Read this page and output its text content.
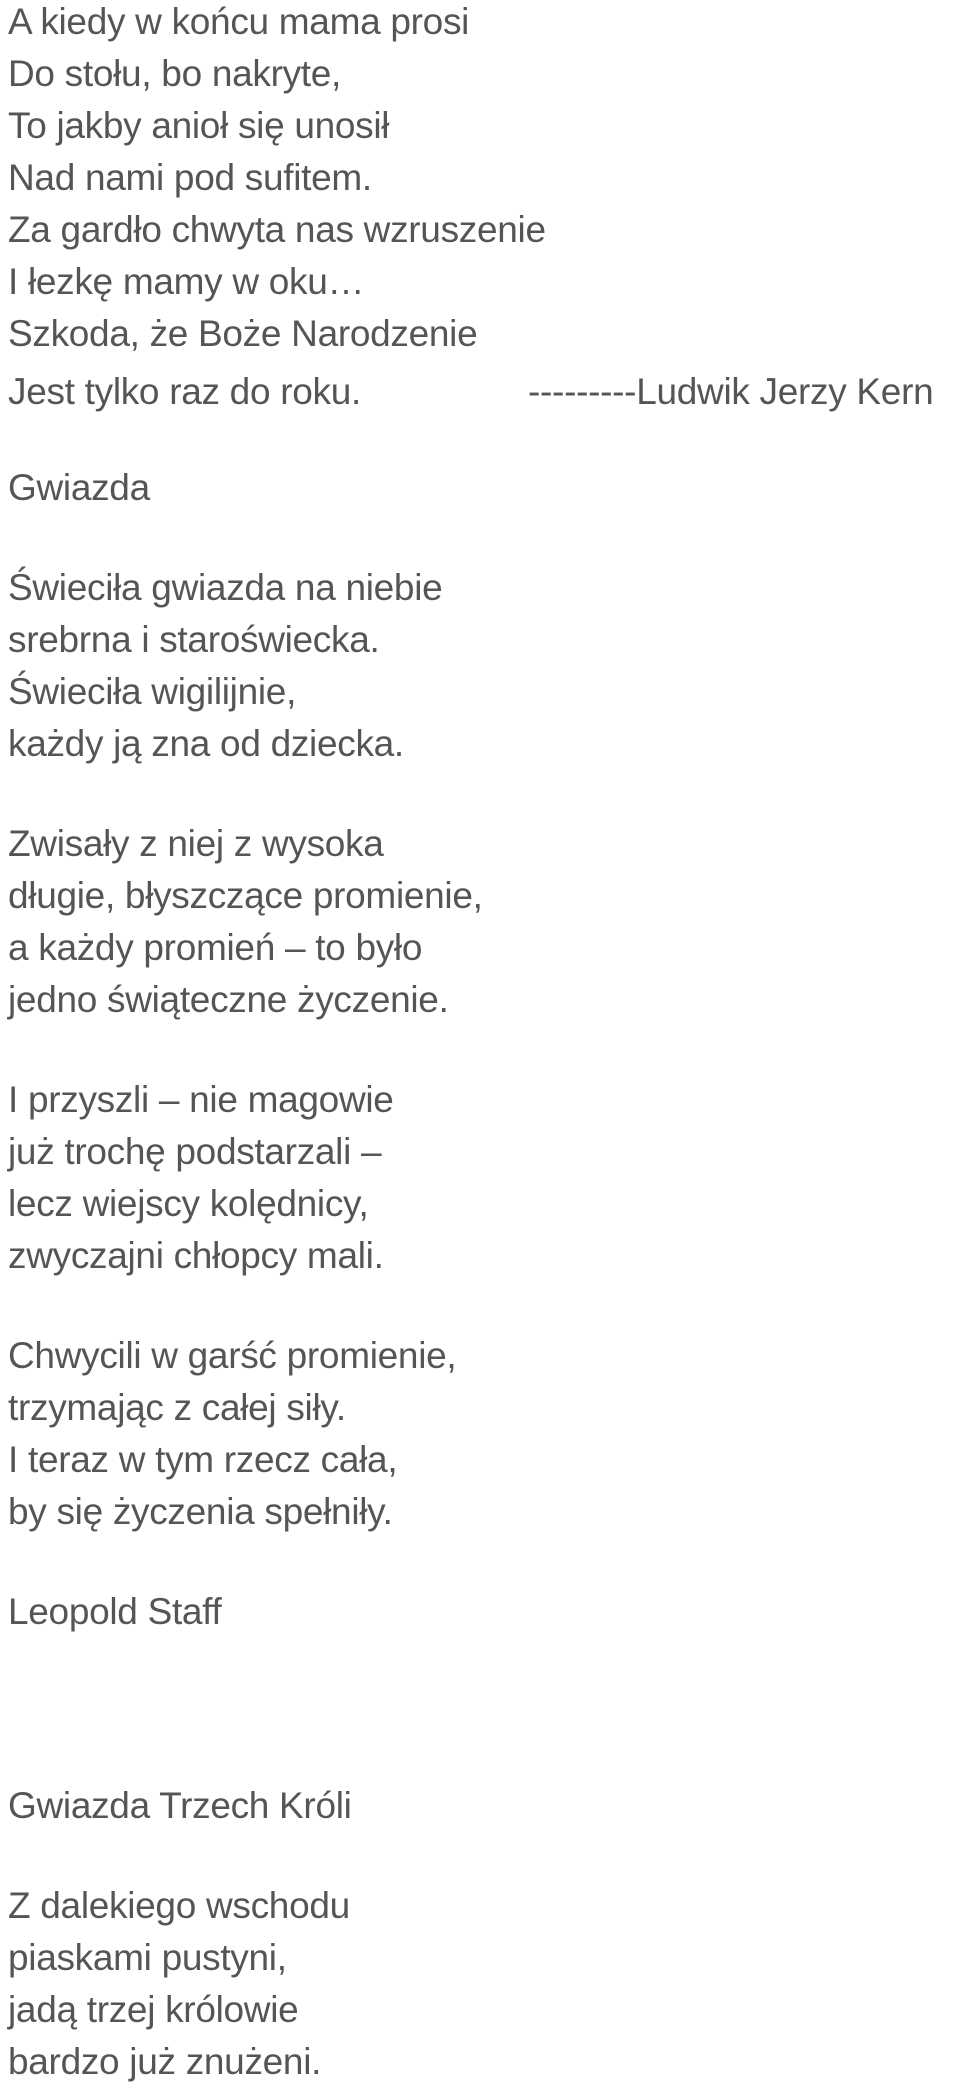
A kiedy w końcu mama prosi
Do stołu, bo nakryte,
To jakby anioł się unosił
Nad nami pod sufitem.
Za gardło chwyta nas wzruszenie
I łezkę mamy w oku…
Szkoda, że Boże Narodzenie
Jest tylko raz do roku.	---------Ludwik Jerzy Kern
Gwiazda
Świeciła gwiazda na niebie
srebrna i staroświecka.
Świeciła wigilijnie,
każdy ją zna od dziecka.
Zwisały z niej z wysoka
długie, błyszczące promienie,
a każdy promień – to było
jedno świąteczne życzenie.
I przyszli – nie magowie
już trochę podstarzali –
lecz wiejscy kolędnicy,
zwyczajni chłopcy mali.
Chwycili w garść promienie,
trzymając z całej siły.
I teraz w tym rzecz cała,
by się życzenia spełniły.
Leopold Staff
Gwiazda Trzech Króli
Z dalekiego wschodu
piaskami pustyni,
jadą trzej królowie
bardzo już znużeni.
